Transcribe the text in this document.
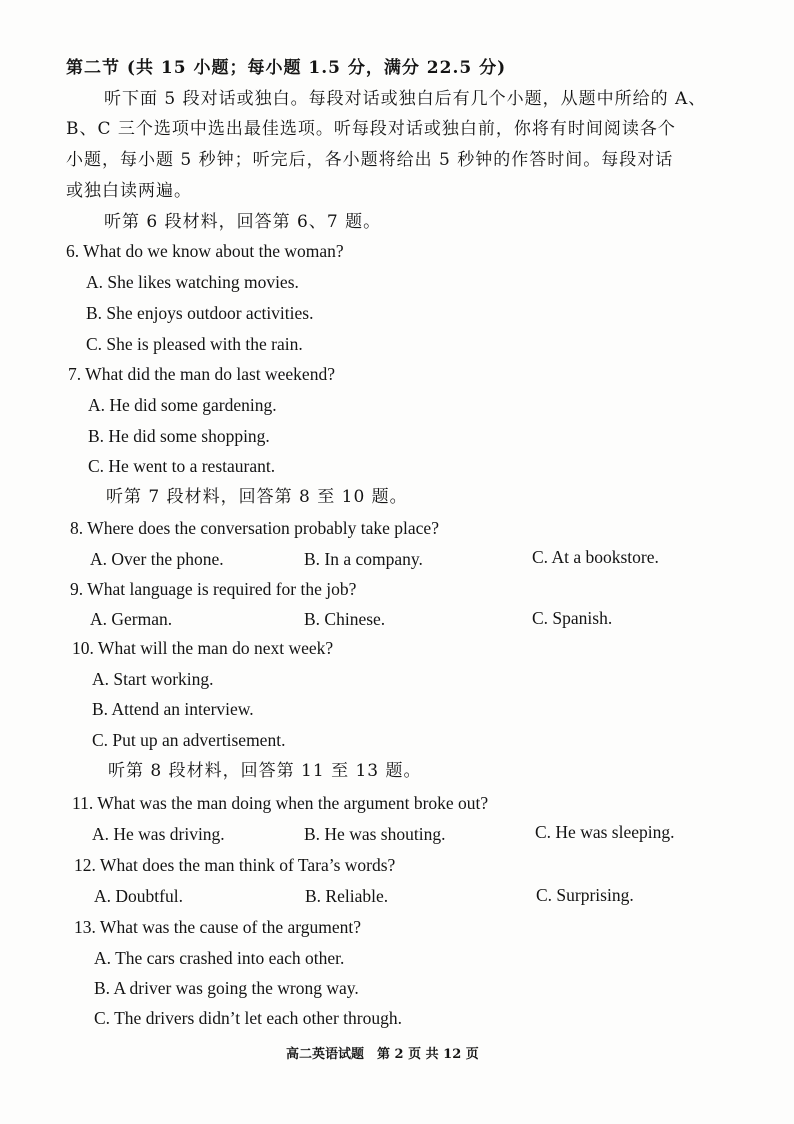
第二节 (共 15 小题；每小题 1.5 分，满分 22.5 分)
听下面 5 段对话或独白。每段对话或独白后有几个小题，从题中所给的 A、
B、C 三个选项中选出最佳选项。听每段对话或独白前，你将有时间阅读各个
小题，每小题 5 秒钟；听完后，各小题将给出 5 秒钟的作答时间。每段对话
或独白读两遍。
听第 6 段材料，回答第 6、7 题。
6. What do we know about the woman?
A. She likes watching movies.
B. She enjoys outdoor activities.
C. She is pleased with the rain.
7. What did the man do last weekend?
A. He did some gardening.
B. He did some shopping.
C. He went to a restaurant.
听第 7 段材料，回答第 8 至 10 题。
8. Where does the conversation probably take place?
A. Over the phone.	B. In a company.	C. At a bookstore.
9. What language is required for the job?
A. German.	B. Chinese.	C. Spanish.
10. What will the man do next week?
A. Start working.
B. Attend an interview.
C. Put up an advertisement.
听第 8 段材料，回答第 11 至 13 题。
11. What was the man doing when the argument broke out?
A. He was driving.	B. He was shouting.	C. He was sleeping.
12. What does the man think of Tara’s words?
A. Doubtful.	B. Reliable.	C. Surprising.
13. What was the cause of the argument?
A. The cars crashed into each other.
B. A driver was going the wrong way.
C. The drivers didn’t let each other through.
高二英语试题　第 2 页 共 12 页
